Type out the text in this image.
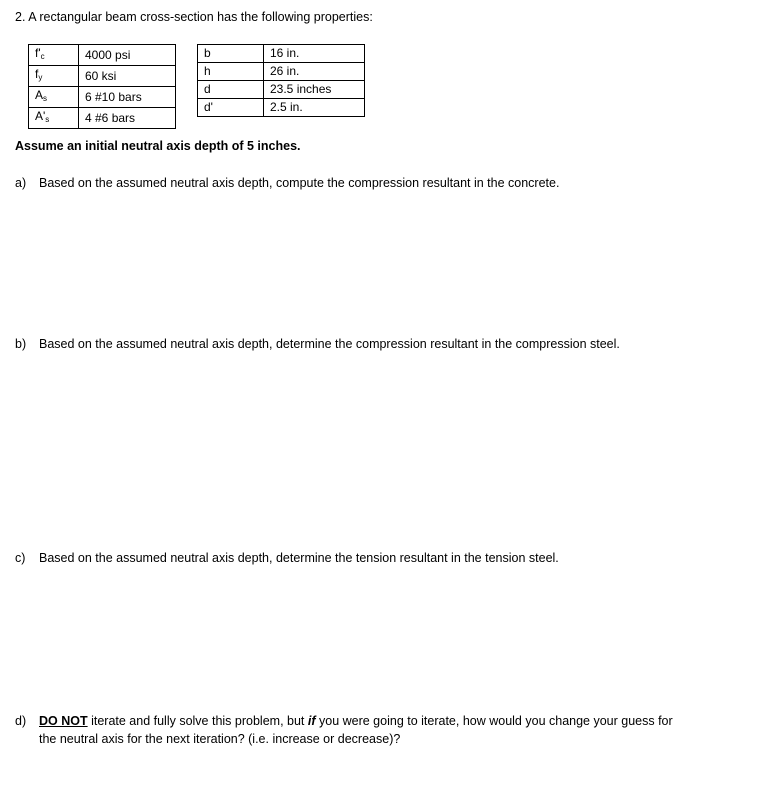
2. A rectangular beam cross-section has the following properties:
$f'_c$	4000 psi
$f_y$	60 ksi
$A_s$	6 #10 bars
$A'_s$	4 #6 bars
b	16 in.
h	26 in.
d	23.5 inches
d'	2.5 in.
Assume an initial neutral axis depth of 5 inches.
a) Based on the assumed neutral axis depth, compute the compression resultant in the concrete.
b) Based on the assumed neutral axis depth, determine the compression resultant in the compression steel.
c) Based on the assumed neutral axis depth, determine the tension resultant in the tension steel.
d) DO NOT iterate and fully solve this problem, but if you were going to iterate, how would you change your guess for
the neutral axis for the next iteration? (i.e. increase or decrease)?
